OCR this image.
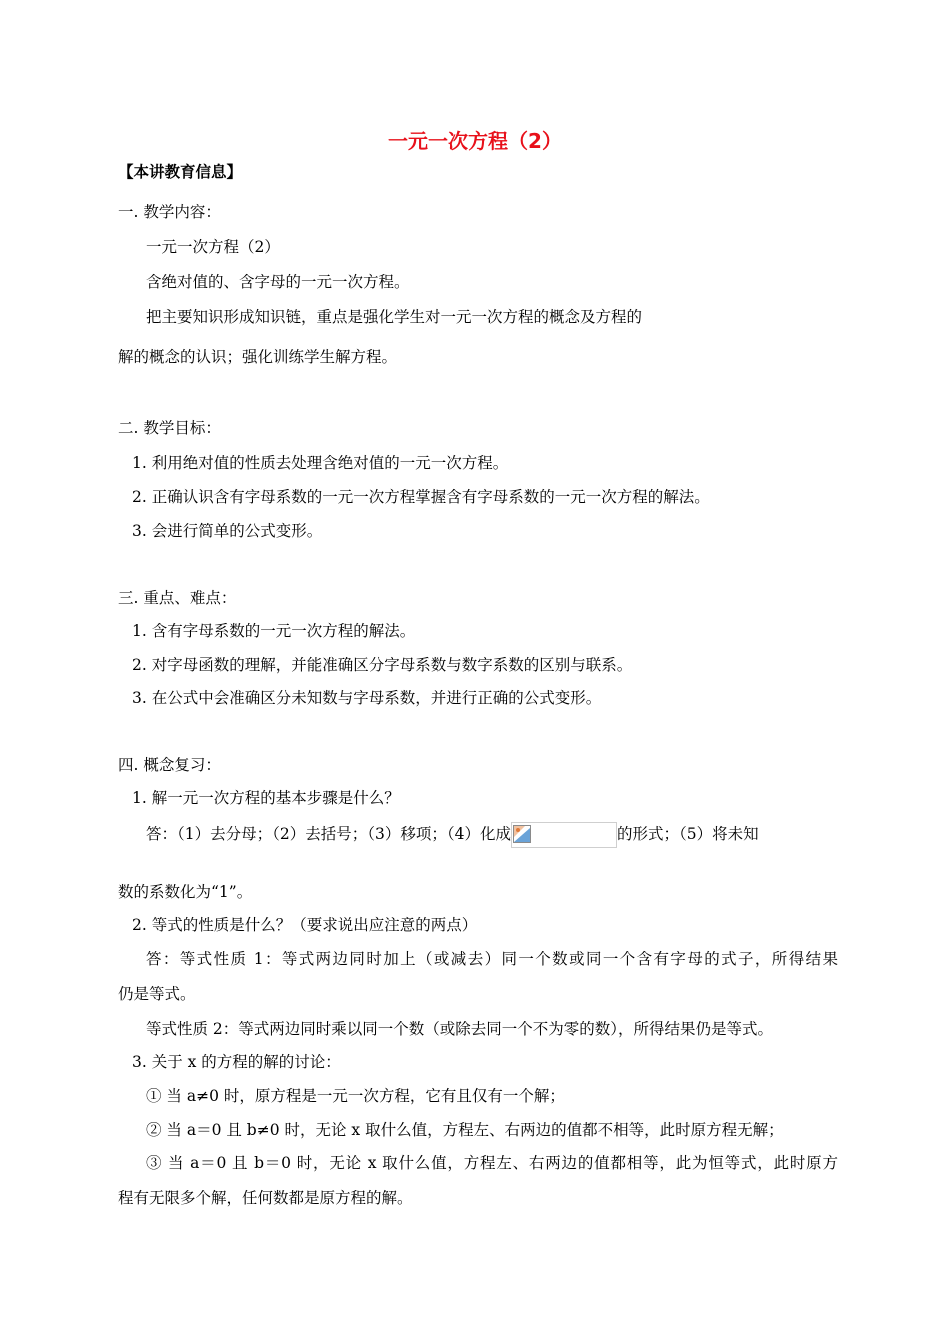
一元一次方程（2）
【本讲教育信息】
一. 教学内容：
一元一次方程（2）
含绝对值的、含字母的一元一次方程。
把主要知识形成知识链，重点是强化学生对一元一次方程的概念及方程的
解的概念的认识；强化训练学生解方程。
二. 教学目标：
1. 利用绝对值的性质去处理含绝对值的一元一次方程。
2. 正确认识含有字母系数的一元一次方程掌握含有字母系数的一元一次方程的解法。
3. 会进行简单的公式变形。
三. 重点、难点：
1. 含有字母系数的一元一次方程的解法。
2. 对字母函数的理解，并能准确区分字母系数与数字系数的区别与联系。
3. 在公式中会准确区分未知数与字母系数，并进行正确的公式变形。
四. 概念复习：
1. 解一元一次方程的基本步骤是什么？
答：（1）去分母；（2）去括号；（3）移项；（4）化成	的形式；（5）将未知
数的系数化为“1”。
2. 等式的性质是什么？（要求说出应注意的两点）
答：等式性质 1：等式两边同时加上（或减去）同一个数或同一个含有字母的式子，所得结果
仍是等式。
等式性质 2：等式两边同时乘以同一个数（或除去同一个不为零的数），所得结果仍是等式。
3. 关于 x 的方程的解的讨论：
① 当 a≠0 时，原方程是一元一次方程，它有且仅有一个解；
② 当 a＝0 且 b≠0 时，无论 x 取什么值，方程左、右两边的值都不相等，此时原方程无解；
③ 当 a＝0 且 b＝0 时，无论 x 取什么值，方程左、右两边的值都相等，此为恒等式，此时原方
程有无限多个解，任何数都是原方程的解。
